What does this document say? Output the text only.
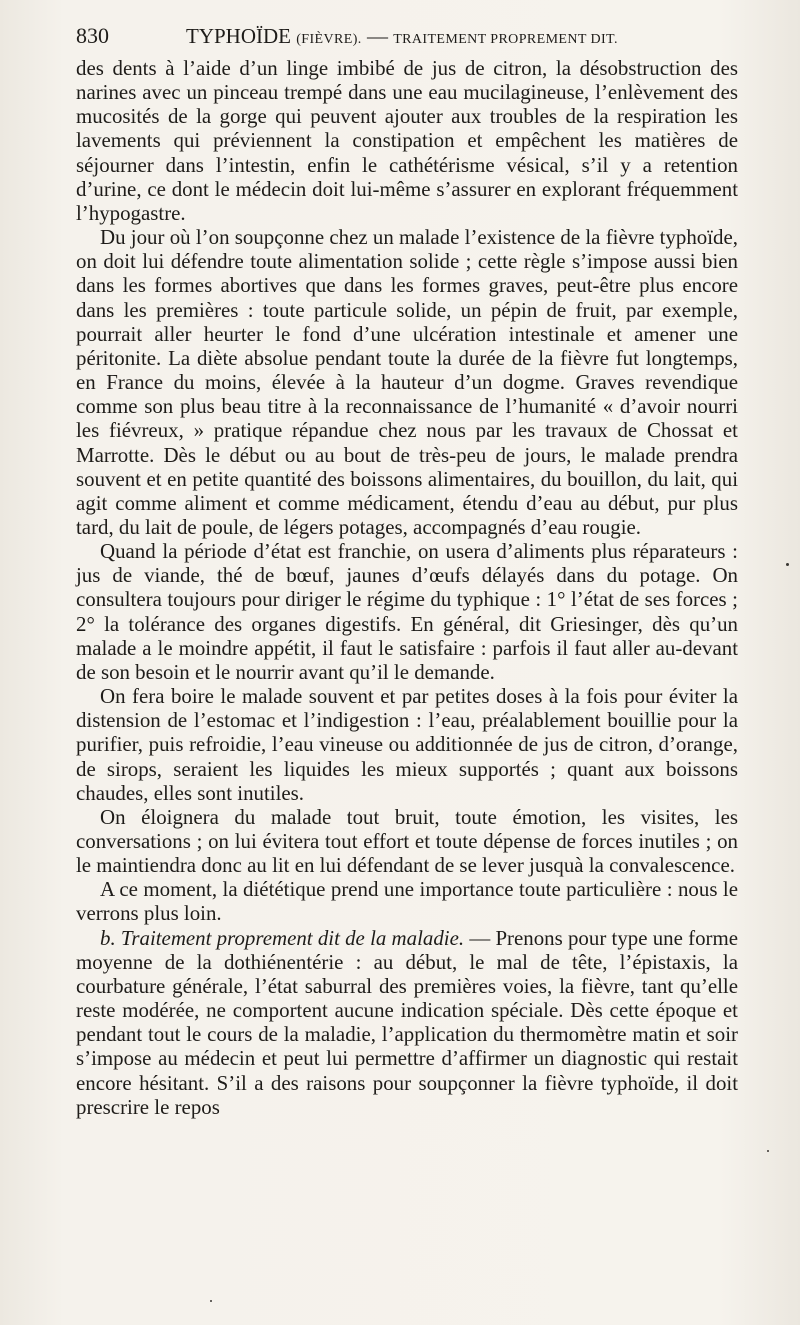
830	TYPHOÏDE (FIÈVRE). — TRAITEMENT PROPREMENT DIT.

des dents à l’aide d’un linge imbibé de jus de citron, la désobstruction des narines avec un pinceau trempé dans une eau mucilagineuse, l’enlèvement des mucosités de la gorge qui peuvent ajouter aux troubles de la respiration les lavements qui préviennent la constipation et empêchent les matières de séjourner dans l’intestin, enfin le cathétérisme vésical, s’il y a retention d’urine, ce dont le médecin doit lui-même s’assurer en explorant fréquemment l’hypogastre.

Du jour où l’on soupçonne chez un malade l’existence de la fièvre typhoïde, on doit lui défendre toute alimentation solide ; cette règle s’impose aussi bien dans les formes abortives que dans les formes graves, peut-être plus encore dans les premières : toute particule solide, un pépin de fruit, par exemple, pourrait aller heurter le fond d’une ulcération intestinale et amener une péritonite. La diète absolue pendant toute la durée de la fièvre fut longtemps, en France du moins, élevée à la hauteur d’un dogme. Graves revendique comme son plus beau titre à la reconnaissance de l’humanité « d’avoir nourri les fiévreux, » pratique répandue chez nous par les travaux de Chossat et Marrotte. Dès le début ou au bout de très-peu de jours, le malade prendra souvent et en petite quantité des boissons alimentaires, du bouillon, du lait, qui agit comme aliment et comme médicament, étendu d’eau au début, pur plus tard, du lait de poule, de légers potages, accompagnés d’eau rougie.

Quand la période d’état est franchie, on usera d’aliments plus réparateurs : jus de viande, thé de bœuf, jaunes d’œufs délayés dans du potage. On consultera toujours pour diriger le régime du typhique : 1° l’état de ses forces ; 2° la tolérance des organes digestifs. En général, dit Griesinger, dès qu’un malade a le moindre appétit, il faut le satisfaire : parfois il faut aller au-devant de son besoin et le nourrir avant qu’il le demande.

On fera boire le malade souvent et par petites doses à la fois pour éviter la distension de l’estomac et l’indigestion : l’eau, préalablement bouillie pour la purifier, puis refroidie, l’eau vineuse ou additionnée de jus de citron, d’orange, de sirops, seraient les liquides les mieux supportés ; quant aux boissons chaudes, elles sont inutiles.

On éloignera du malade tout bruit, toute émotion, les visites, les conversations ; on lui évitera tout effort et toute dépense de forces inutiles ; on le maintiendra donc au lit en lui défendant de se lever jusquà la convalescence.

A ce moment, la diététique prend une importance toute particulière : nous le verrons plus loin.

b. Traitement proprement dit de la maladie. — Prenons pour type une forme moyenne de la dothiénentérie : au début, le mal de tête, l’épistaxis, la courbature générale, l’état saburral des premières voies, la fièvre, tant qu’elle reste modérée, ne comportent aucune indication spéciale. Dès cette époque et pendant tout le cours de la maladie, l’application du thermomètre matin et soir s’impose au médecin et peut lui permettre d’affirmer un diagnostic qui restait encore hésitant. S’il a des raisons pour soupçonner la fièvre typhoïde, il doit prescrire le repos
